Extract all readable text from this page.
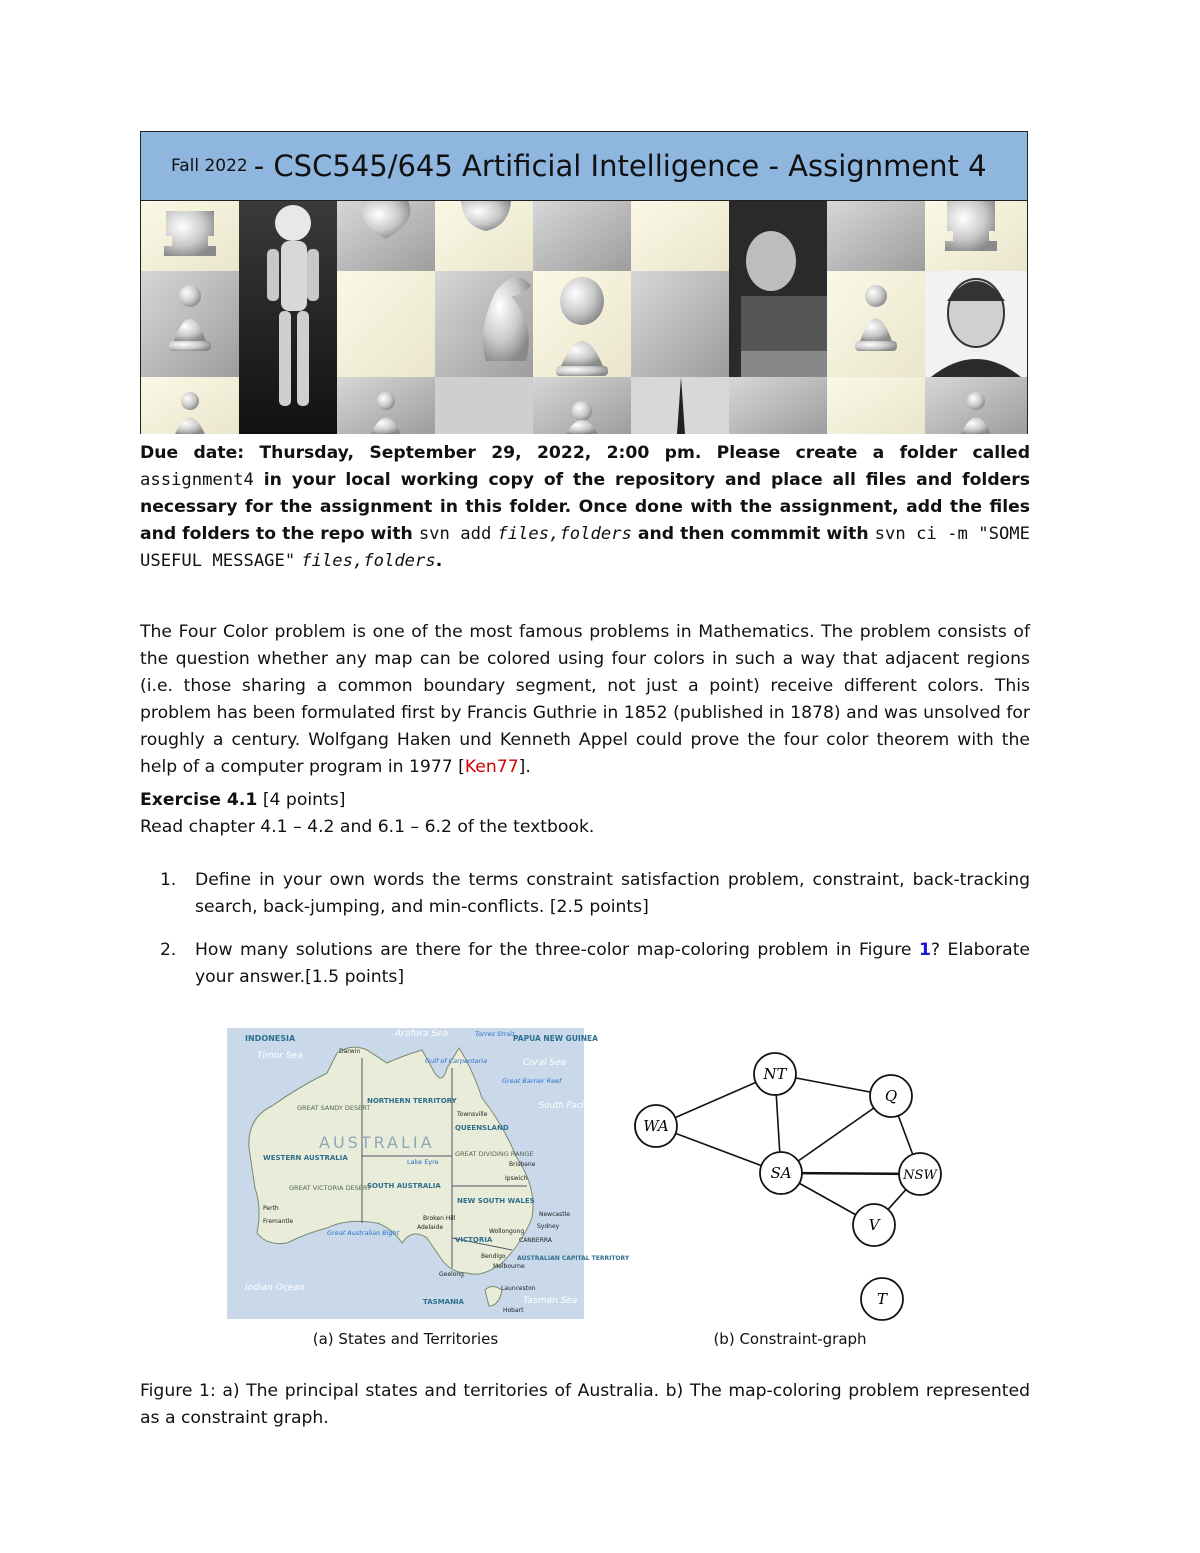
Fall 2022 - CSC545/645 Artificial Intelligence - Assignment 4
Due date: Thursday, September 29, 2022, 2:00 pm. Please create a folder called assignment4 in your local working copy of the repository and place all files and folders necessary for the assignment in this folder. Once done with the assignment, add the files and folders to the repo with svn add files,folders and then commmit with svn ci -m "SOME USEFUL MESSAGE" files,folders.
The Four Color problem is one of the most famous problems in Mathematics. The problem consists of the question whether any map can be colored using four colors in such a way that adjacent regions (i.e. those sharing a common boundary segment, not just a point) receive different colors. This problem has been formulated first by Francis Guthrie in 1852 (published in 1878) and was unsolved for roughly a century. Wolfgang Haken und Kenneth Appel could prove the four color theorem with the help of a computer program in 1977 [Ken77].
Exercise 4.1 [4 points]
Read chapter 4.1 – 4.2 and 6.1 – 6.2 of the textbook.
1. Define in your own words the terms constraint satisfaction problem, constraint, back-tracking search, back-jumping, and min-conflicts. [2.5 points]
2. How many solutions are there for the three-color map-coloring problem in Figure 1? Elaborate your answer.[1.5 points]
INDONESIA
Timor Sea
Arafura Sea
Coral Sea
Indian Ocean
Tasman Sea
Torres Strait
Gulf of Carpentaria
Great Barrier Reef
Great Australian Bight
PAPUA NEW GUINEA
South Pacific Ocean
AUSTRALIA
NORTHERN TERRITORY
QUEENSLAND
WESTERN AUSTRALIA
SOUTH AUSTRALIA
NEW SOUTH WALES
VICTORIA
AUSTRALIAN CAPITAL TERRITORY
TASMANIA
GREAT SANDY DESERT
GREAT VICTORIA DESERT
GREAT DIVIDING RANGE
Lake Eyre
Darwin
Townsville
Brisbane
Ipswich
Perth
Fremantle	Broken Hill
Adelaide
Newcastle
Sydney
Wollongong
CANBERRA
Bendigo
Melbourne
Geelong
Launceston
Hobart
NT
Q
WA
SA	NSW
V
T
(a) States and Territories	(b) Constraint-graph
Figure 1: a) The principal states and territories of Australia. b) The map-coloring problem represented as a constraint graph.
